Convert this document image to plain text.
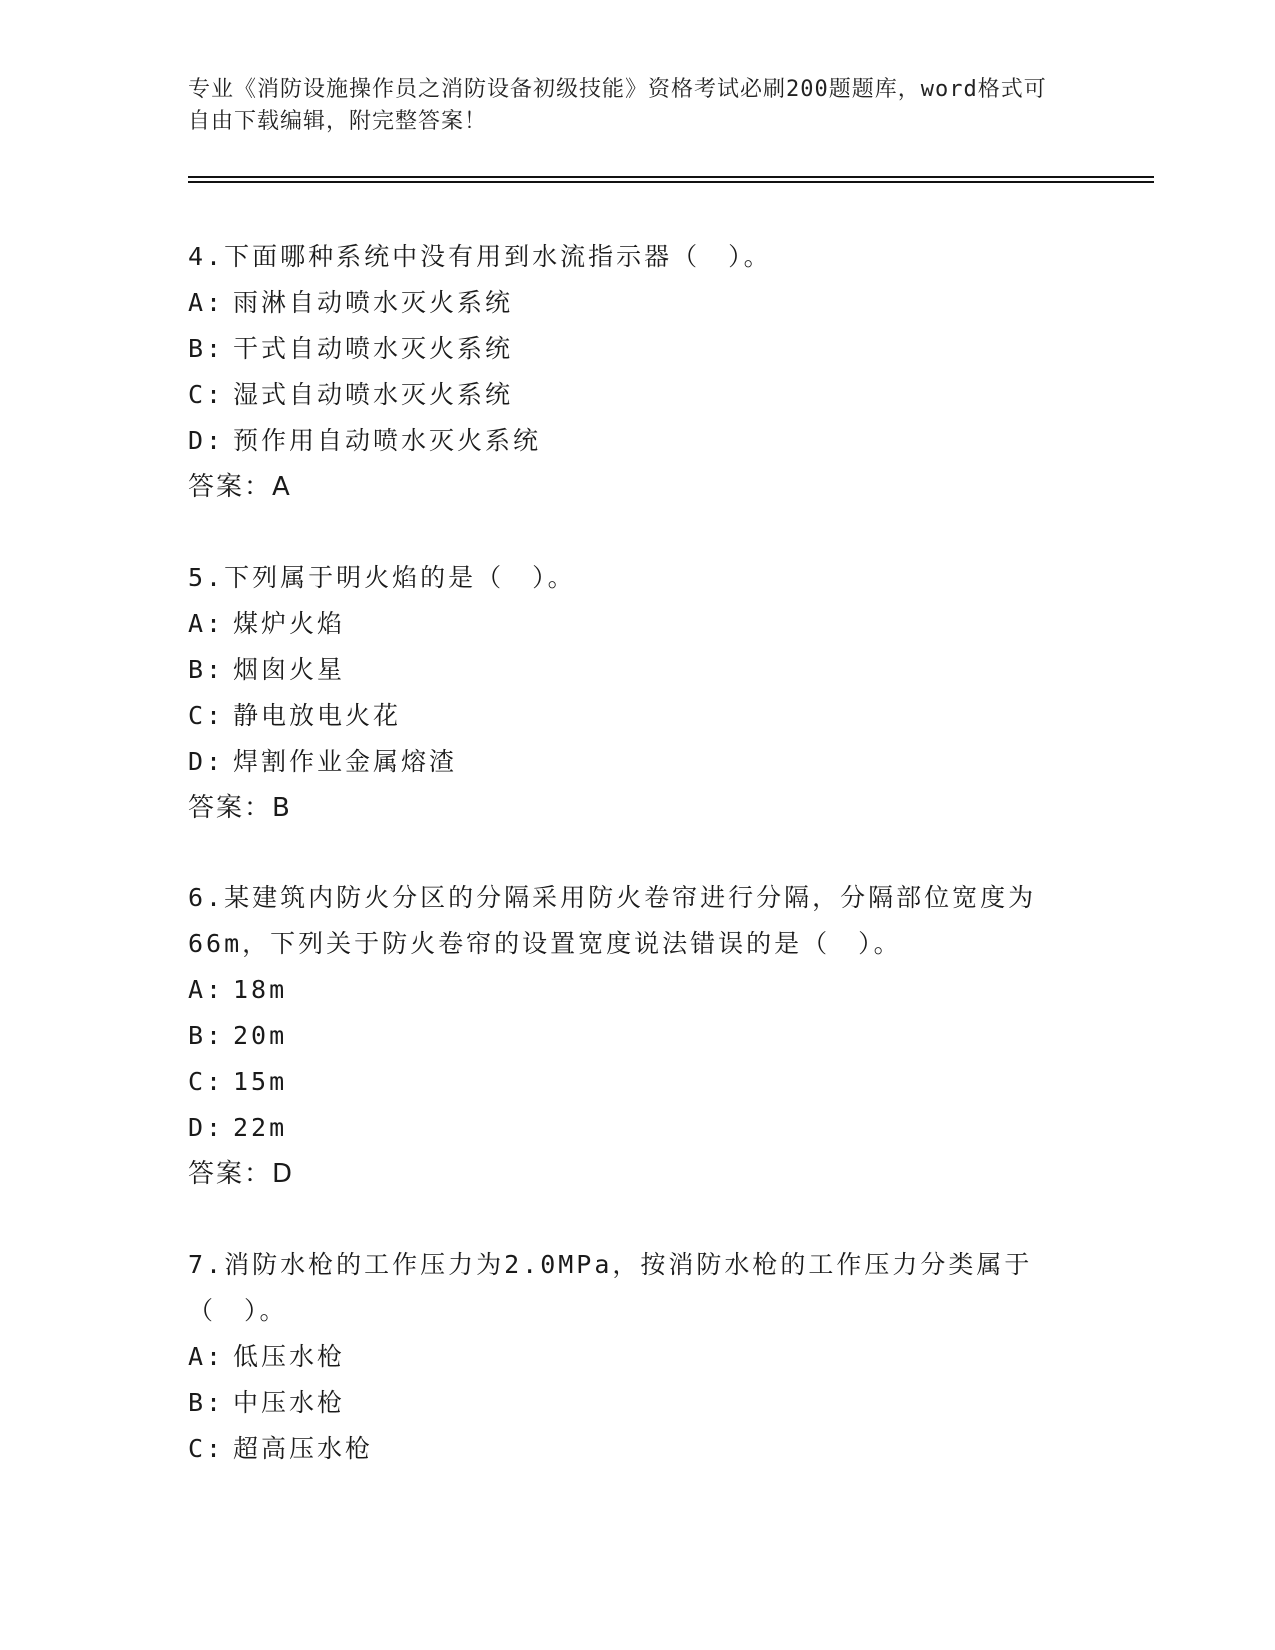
专业《消防设施操作员之消防设备初级技能》资格考试必刷200题题库，word格式可自由下载编辑，附完整答案！
4.下面哪种系统中没有用到水流指示器（　）。
A: 雨淋自动喷水灭火系统
B: 干式自动喷水灭火系统
C: 湿式自动喷水灭火系统
D: 预作用自动喷水灭火系统
答案：A
5.下列属于明火焰的是（　）。
A: 煤炉火焰
B: 烟囱火星
C: 静电放电火花
D: 焊割作业金属熔渣
答案：B
6.某建筑内防火分区的分隔采用防火卷帘进行分隔，分隔部位宽度为66m，下列关于防火卷帘的设置宽度说法错误的是（　）。
A: 18m
B: 20m
C: 15m
D: 22m
答案：D
7.消防水枪的工作压力为2.0MPa，按消防水枪的工作压力分类属于（　）。
A: 低压水枪
B: 中压水枪
C: 超高压水枪
